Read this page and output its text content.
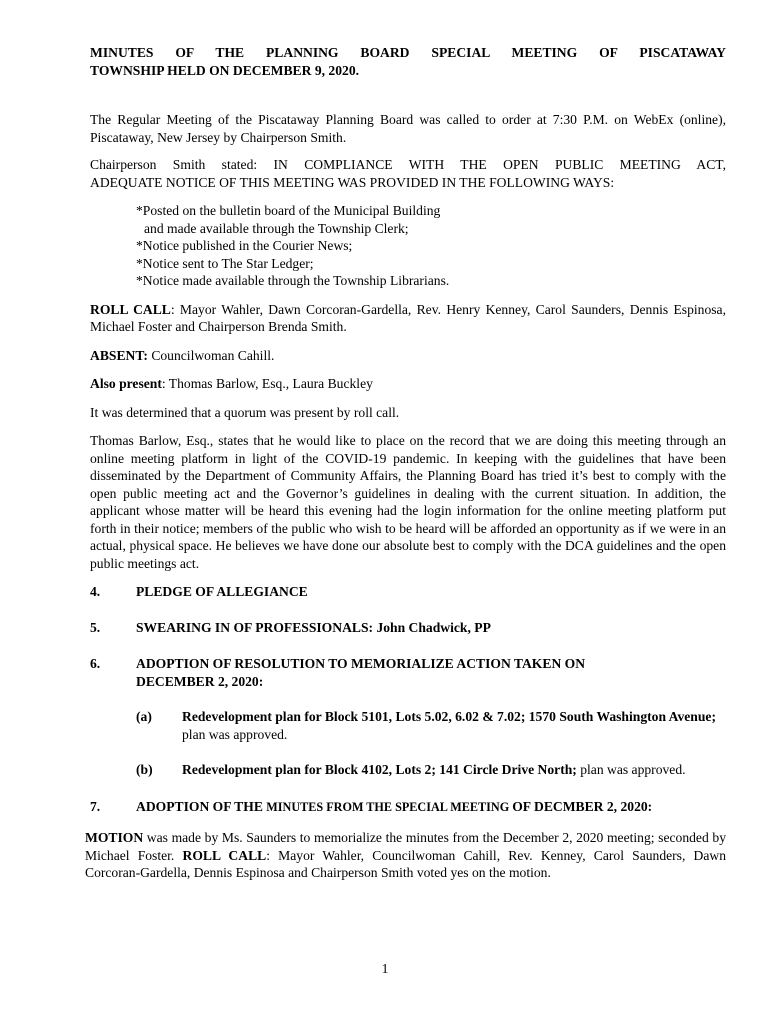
MINUTES OF THE PLANNING BOARD SPECIAL MEETING OF PISCATAWAY
TOWNSHIP HELD ON DECEMBER 9, 2020.

The Regular Meeting of the Piscataway Planning Board was called to order at 7:30 P.M. on WebEx (online), Piscataway, New Jersey by Chairperson Smith.

Chairperson Smith stated: IN COMPLIANCE WITH THE OPEN PUBLIC MEETING ACT,
ADEQUATE NOTICE OF THIS MEETING WAS PROVIDED IN THE FOLLOWING WAYS:

*Posted on the bulletin board of the Municipal Building
and made available through the Township Clerk;
*Notice published in the Courier News;
*Notice sent to The Star Ledger;
*Notice made available through the Township Librarians.

ROLL CALL: Mayor Wahler, Dawn Corcoran-Gardella, Rev. Henry Kenney, Carol Saunders, Dennis Espinosa, Michael Foster and Chairperson Brenda Smith.

ABSENT: Councilwoman Cahill.

Also present: Thomas Barlow, Esq., Laura Buckley

It was determined that a quorum was present by roll call.

Thomas Barlow, Esq., states that he would like to place on the record that we are doing this meeting through an online meeting platform in light of the COVID-19 pandemic. In keeping with the guidelines that have been disseminated by the Department of Community Affairs, the Planning Board has tried it’s best to comply with the open public meeting act and the Governor’s guidelines in dealing with the current situation. In addition, the applicant whose matter will be heard this evening had the login information for the online meeting platform put forth in their notice; members of the public who wish to be heard will be afforded an opportunity as if we were in an actual, physical space. He believes we have done our absolute best to comply with the DCA guidelines and the open public meetings act.

4.	PLEDGE OF ALLEGIANCE
5.	SWEARING IN OF PROFESSIONALS: John Chadwick, PP
6.	ADOPTION OF RESOLUTION TO MEMORIALIZE ACTION TAKEN ON DECEMBER 2, 2020:
(a)	Redevelopment plan for Block 5101, Lots 5.02, 6.02 & 7.02; 1570 South Washington Avenue; plan was approved.
(b)	Redevelopment plan for Block 4102, Lots 2; 141 Circle Drive North; plan was approved.
7.	ADOPTION OF THE MINUTES FROM THE SPECIAL MEETING OF DECMBER 2, 2020:

MOTION was made by Ms. Saunders to memorialize the minutes from the December 2, 2020 meeting; seconded by Michael Foster. ROLL CALL: Mayor Wahler, Councilwoman Cahill, Rev. Kenney, Carol Saunders, Dawn Corcoran-Gardella, Dennis Espinosa and Chairperson Smith voted yes on the motion.

1
